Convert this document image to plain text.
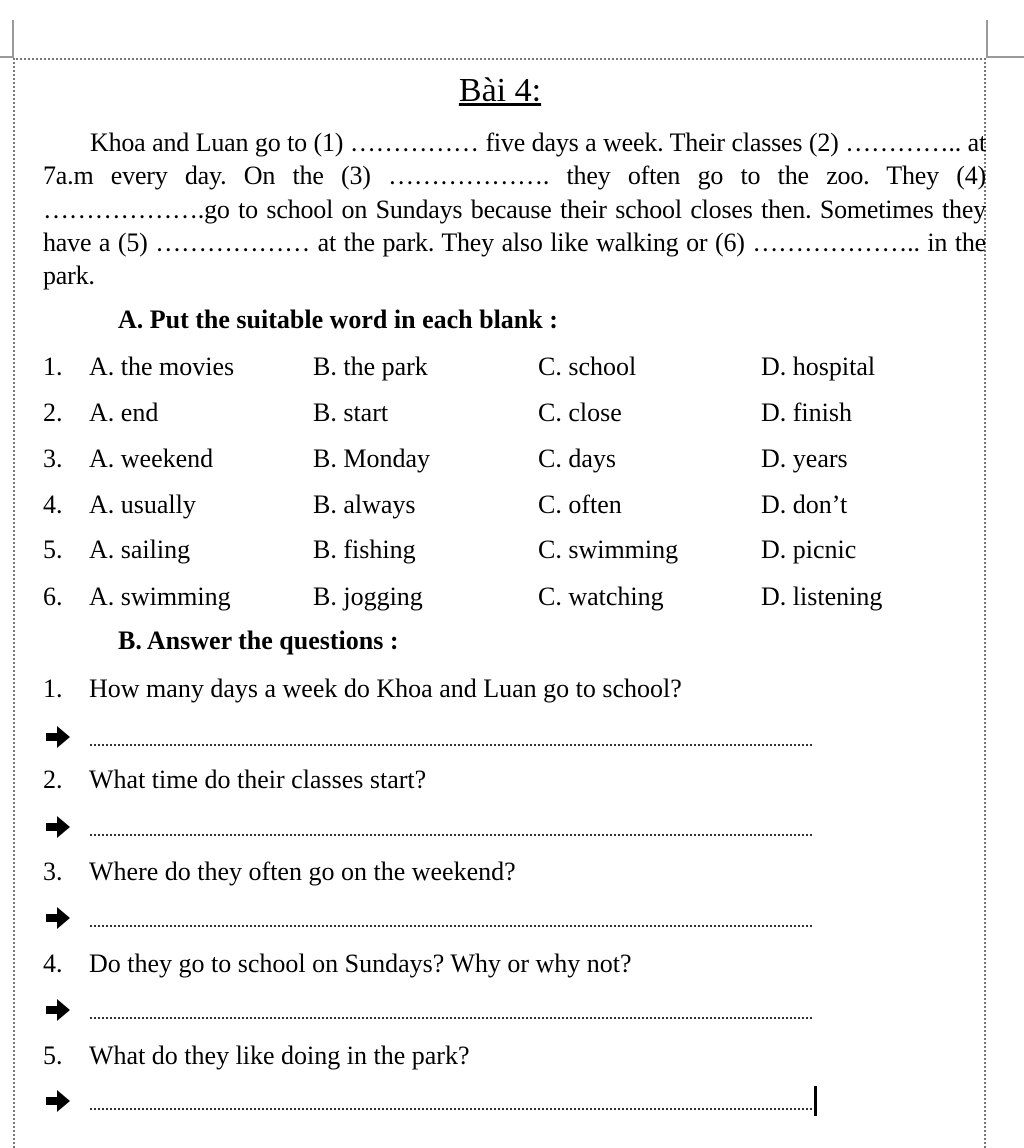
Bài 4:
Khoa and Luan go to (1) …………… five days a week. Their classes (2) ………….. at 7a.m every day. On the (3) ………………. they often go to the zoo. They (4) ……………….go to school on Sundays because their school closes then. Sometimes they have a (5) ……………… at the park. They also like walking or (6) ……………….. in the park.
A. Put the suitable word in each blank :
1. A. the movies	B. the park	C. school	D. hospital
2. A. end	B. start	C. close	D. finish
3. A. weekend	B. Monday	C. days	D. years
4. A. usually	B. always	C. often	D. don’t
5. A. sailing	B. fishing	C. swimming	D. picnic
6. A. swimming	B. jogging	C. watching	D. listening
B. Answer the questions :
1. How many days a week do Khoa and Luan go to school?
2. What time do their classes start?
3. Where do they often go on the weekend?
4. Do they go to school on Sundays? Why or why not?
5. What do they like doing in the park?
